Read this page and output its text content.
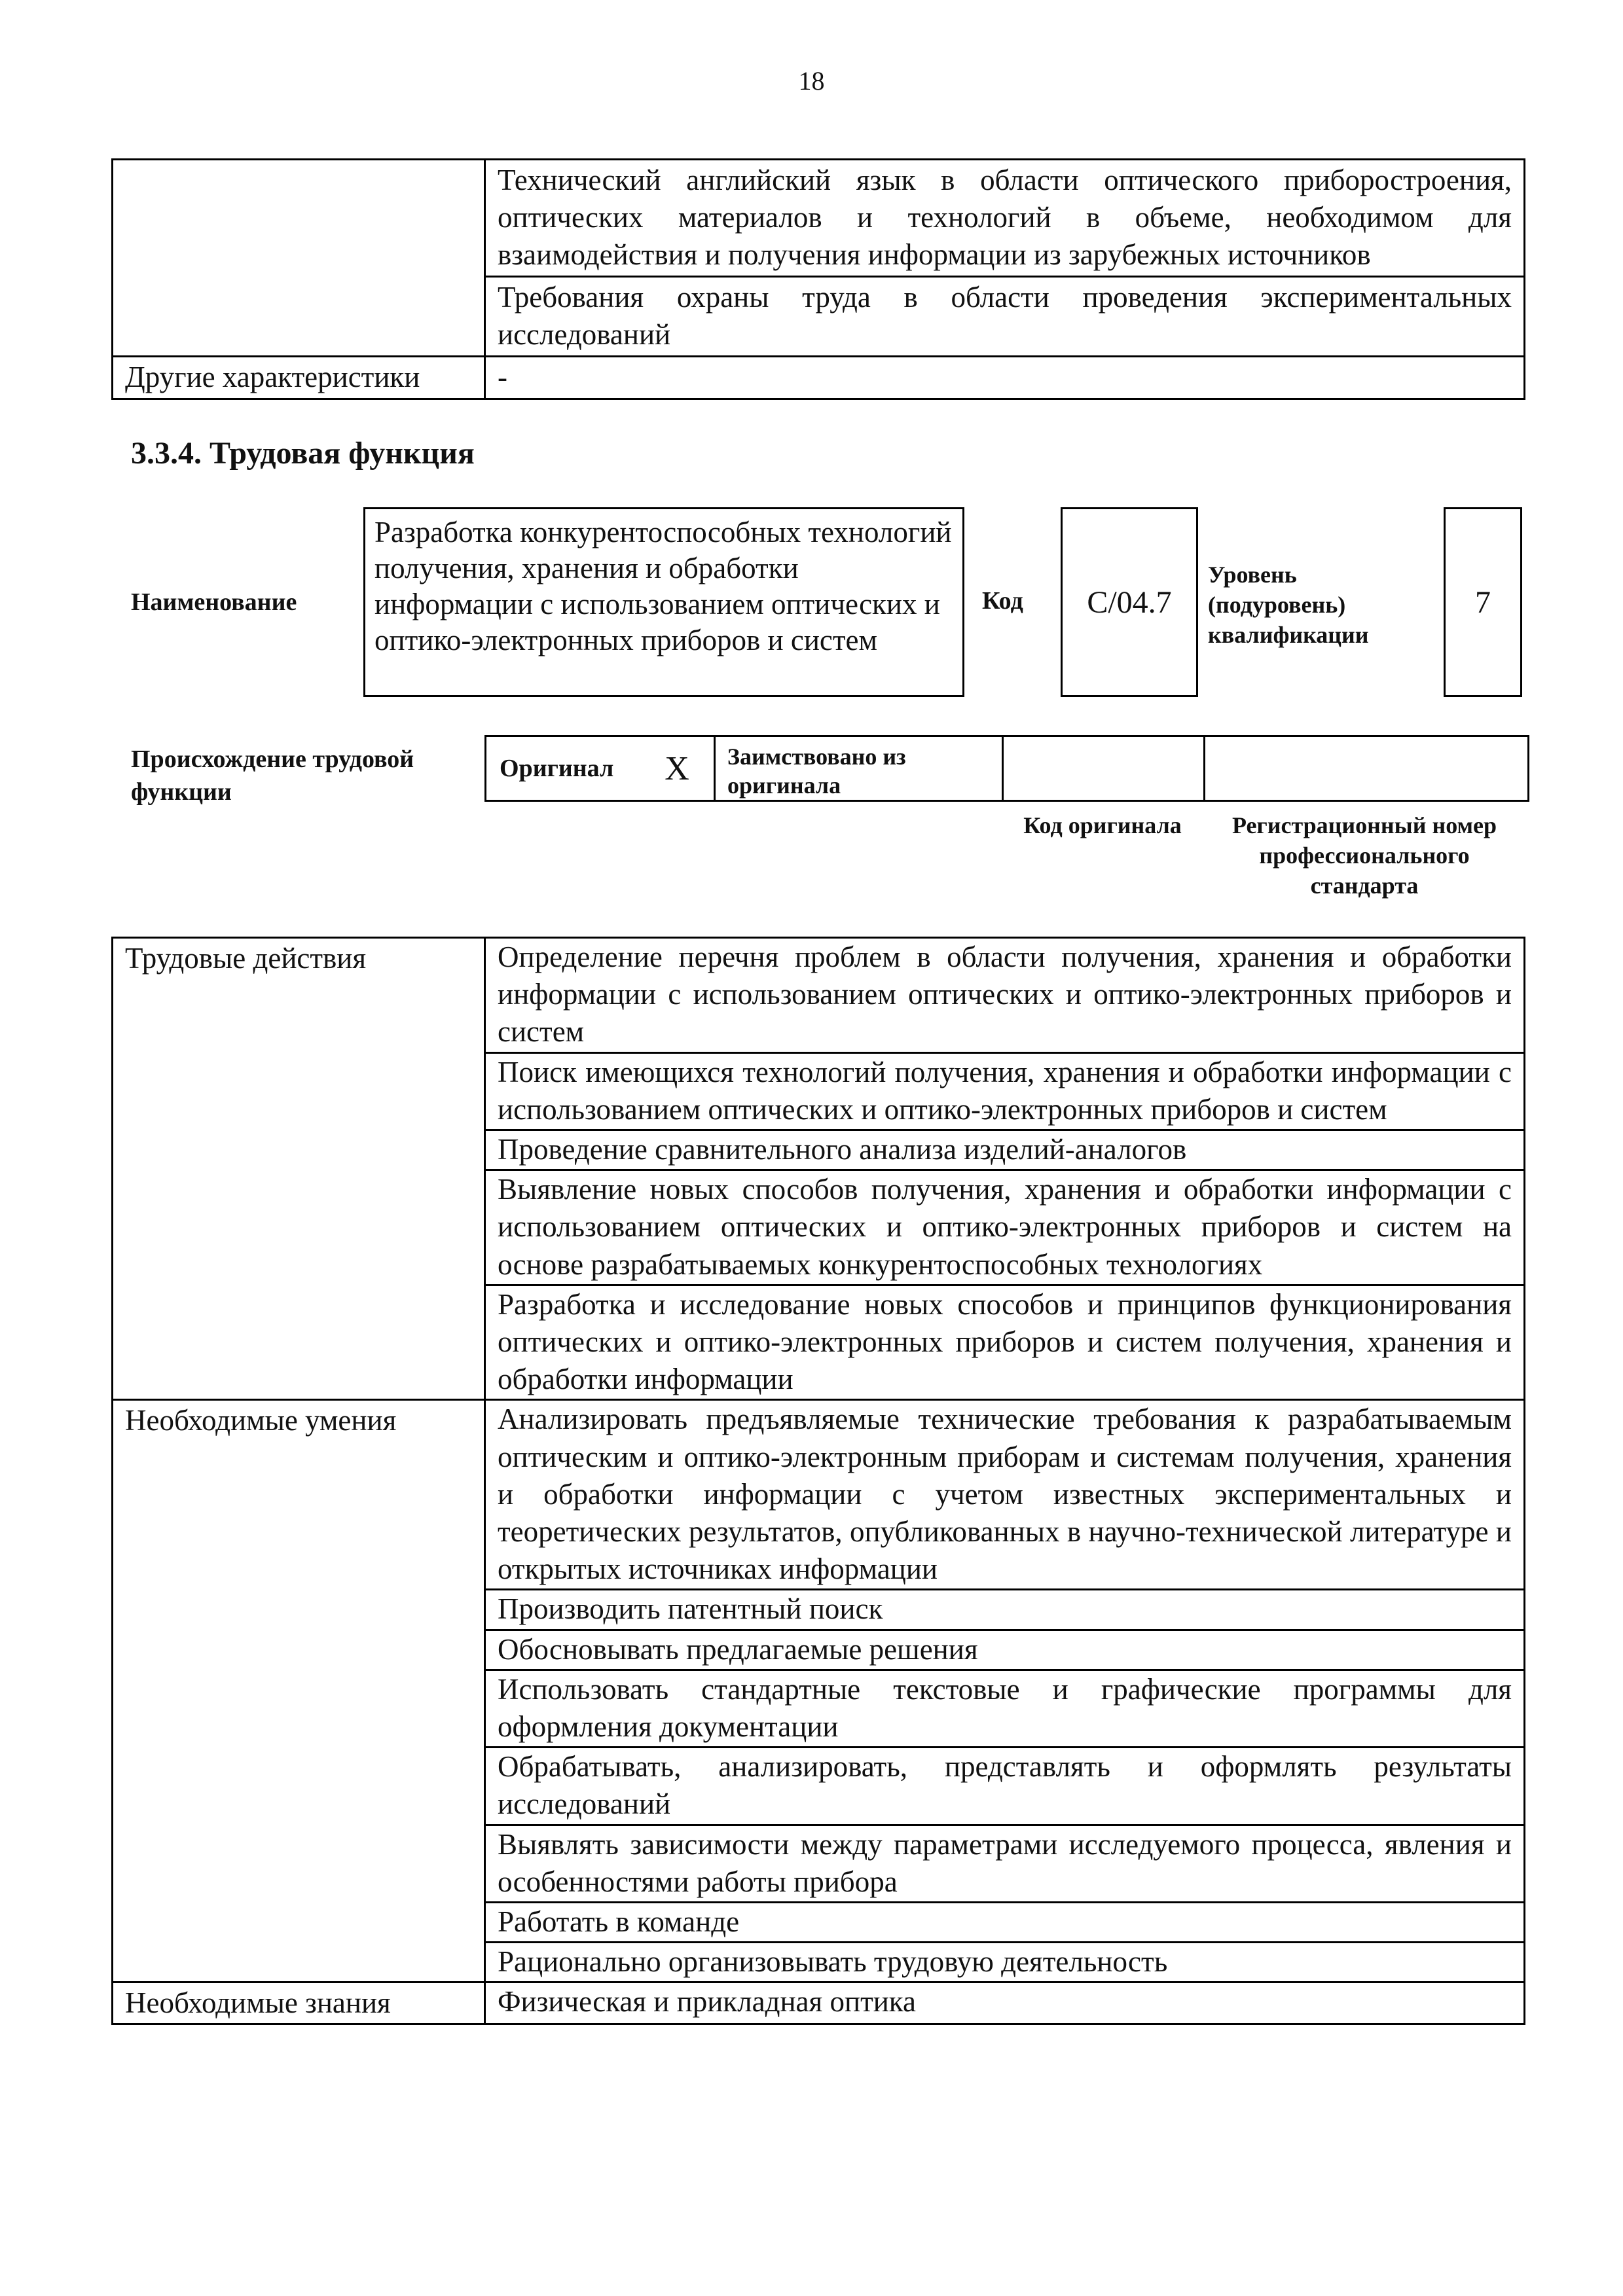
18
	Технический английский язык в области оптического приборостроения, оптических материалов и технологий в объеме, необходимом для взаимодействия и получения информации из зарубежных источников
	Требования охраны труда в области проведения экспериментальных исследований
Другие характеристики	-
3.3.4. Трудовая функция
Наименование
Разработка конкурентоспособных технологий получения, хранения и обработки информации с использованием оптических и оптико-электронных приборов и систем
Код	C/04.7
Уровень (подуровень) квалификации
7
Происхождение трудовой функции
Оригинал X	Заимствовано из оригинала
Код оригинала	Регистрационный номер профессионального стандарта
Трудовые действия	Определение перечня проблем в области получения, хранения и обработки информации с использованием оптических и оптико-электронных приборов и систем
	Поиск имеющихся технологий получения, хранения и обработки информации с использованием оптических и оптико-электронных приборов и систем
	Проведение сравнительного анализа изделий-аналогов
	Выявление новых способов получения, хранения и обработки информации с использованием оптических и оптико-электронных приборов и систем на основе разрабатываемых конкурентоспособных технологиях
	Разработка и исследование новых способов и принципов функционирования оптических и оптико-электронных приборов и систем получения, хранения и обработки информации
Необходимые умения	Анализировать предъявляемые технические требования к разрабатываемым оптическим и оптико-электронным приборам и системам получения, хранения и обработки информации с учетом известных экспериментальных и теоретических результатов, опубликованных в научно-технической литературе и открытых источниках информации
	Производить патентный поиск
	Обосновывать предлагаемые решения
	Использовать стандартные текстовые и графические программы для оформления документации
	Обрабатывать, анализировать, представлять и оформлять результаты исследований
	Выявлять зависимости между параметрами исследуемого процесса, явления и особенностями работы прибора
	Работать в команде
	Рационально организовывать трудовую деятельность
Необходимые знания	Физическая и прикладная оптика
